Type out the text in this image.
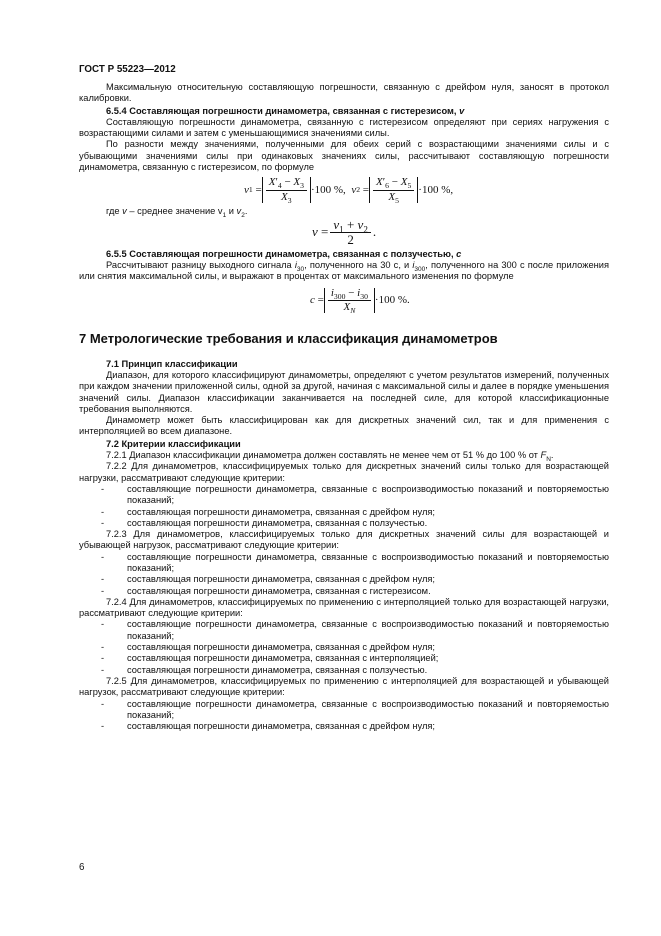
ГОСТ Р 55223—2012

Максимальную относительную составляющую погрешности, связанную с дрейфом нуля, заносят в протокол калибровки.

6.5.4 Составляющая погрешности динамометра, связанная с гистерезисом, v

Составляющую погрешности динамометра, связанную с гистерезисом определяют при сериях нагружения с возрастающими силами и затем с уменьшающимися значениями силы.

По разности между значениями, полученными для обеих серий с возрастающими значениями силы и с убывающими значениями силы при одинаковых значениях силы, рассчитывают составляющую погрешности динамометра, связанную с гистерезисом, по формуле

v 1
= $\frac{X'_4 - X_3}{X_3} \cdot 100$ %,
v 2
= $\frac{X'_6 - X_5}{X_5} \cdot 100$ %,

где v – среднее значение $v_1$ и $v_2$.

v
= $\frac{v_1 + v_2}{2}$ .

6.5.5 Составляющая погрешности динамометра, связанная с ползучестью, c

Рассчитывают разницу выходного сигнала $i_{30}$, полученного на 30 с, и $i_{300}$, полученного на 300 с после приложения или снятия максимальной силы, и выражают в процентах от максимального изменения по формуле

c
= $\frac{i_{300} - i_{30}}{X_N} \cdot 100$ %.
7 Метрологические требования и классификация динамометров

7.1 Принцип классификации

Диапазон, для которого классифицируют динамометры, определяют с учетом результатов измерений, полученных при каждом значении приложенной силы, одной за другой, начиная с максимальной силы и далее в порядке уменьшения значений силы. Диапазон классификации заканчивается на последней силе, для которой классификационные требования выполняются.

Динамометр может быть классифицирован как для дискретных значений сил, так и для применения с интерполяцией во всем диапазоне.

7.2 Критерии классификации

7.2.1 Диапазон классификации динамометра должен составлять не менее чем от 51 % до 100 % от $F_N$.

7.2.2 Для динамометров, классифицируемых только для дискретных значений силы только для возрастающей нагрузки, рассматривают следующие критерии:

-	составляющие погрешности динамометра, связанные с воспроизводимостью показаний и повторяемостью показаний;
-	составляющая погрешности динамометра, связанная с дрейфом нуля;
-	составляющая погрешности динамометра, связанная с ползучестью.

7.2.3 Для динамометров, классифицируемых только для дискретных значений силы для возрастающей и убывающей нагрузок, рассматривают следующие критерии:

-	составляющие погрешности динамометра, связанные с воспроизводимостью показаний и повторяемостью показаний;
-	составляющая погрешности динамометра, связанная с дрейфом нуля;
-	составляющая погрешности динамометра, связанная с гистерезисом.

7.2.4 Для динамометров, классифицируемых по применению с интерполяцией только для возрастающей нагрузки, рассматривают следующие критерии:

-	составляющие погрешности динамометра, связанные с воспроизводимостью показаний и повторяемостью показаний;
-	составляющая погрешности динамометра, связанная с дрейфом нуля;
-	составляющая погрешности динамометра, связанная с интерполяцией;
-	составляющая погрешности динамометра, связанная с ползучестью.

7.2.5 Для динамометров, классифицируемых по применению с интерполяцией для возрастающей и убывающей нагрузок, рассматривают следующие критерии:

-	составляющие погрешности динамометра, связанные с воспроизводимостью показаний и повторяемостью показаний;
-	составляющая погрешности динамометра, связанная с дрейфом нуля;
6
